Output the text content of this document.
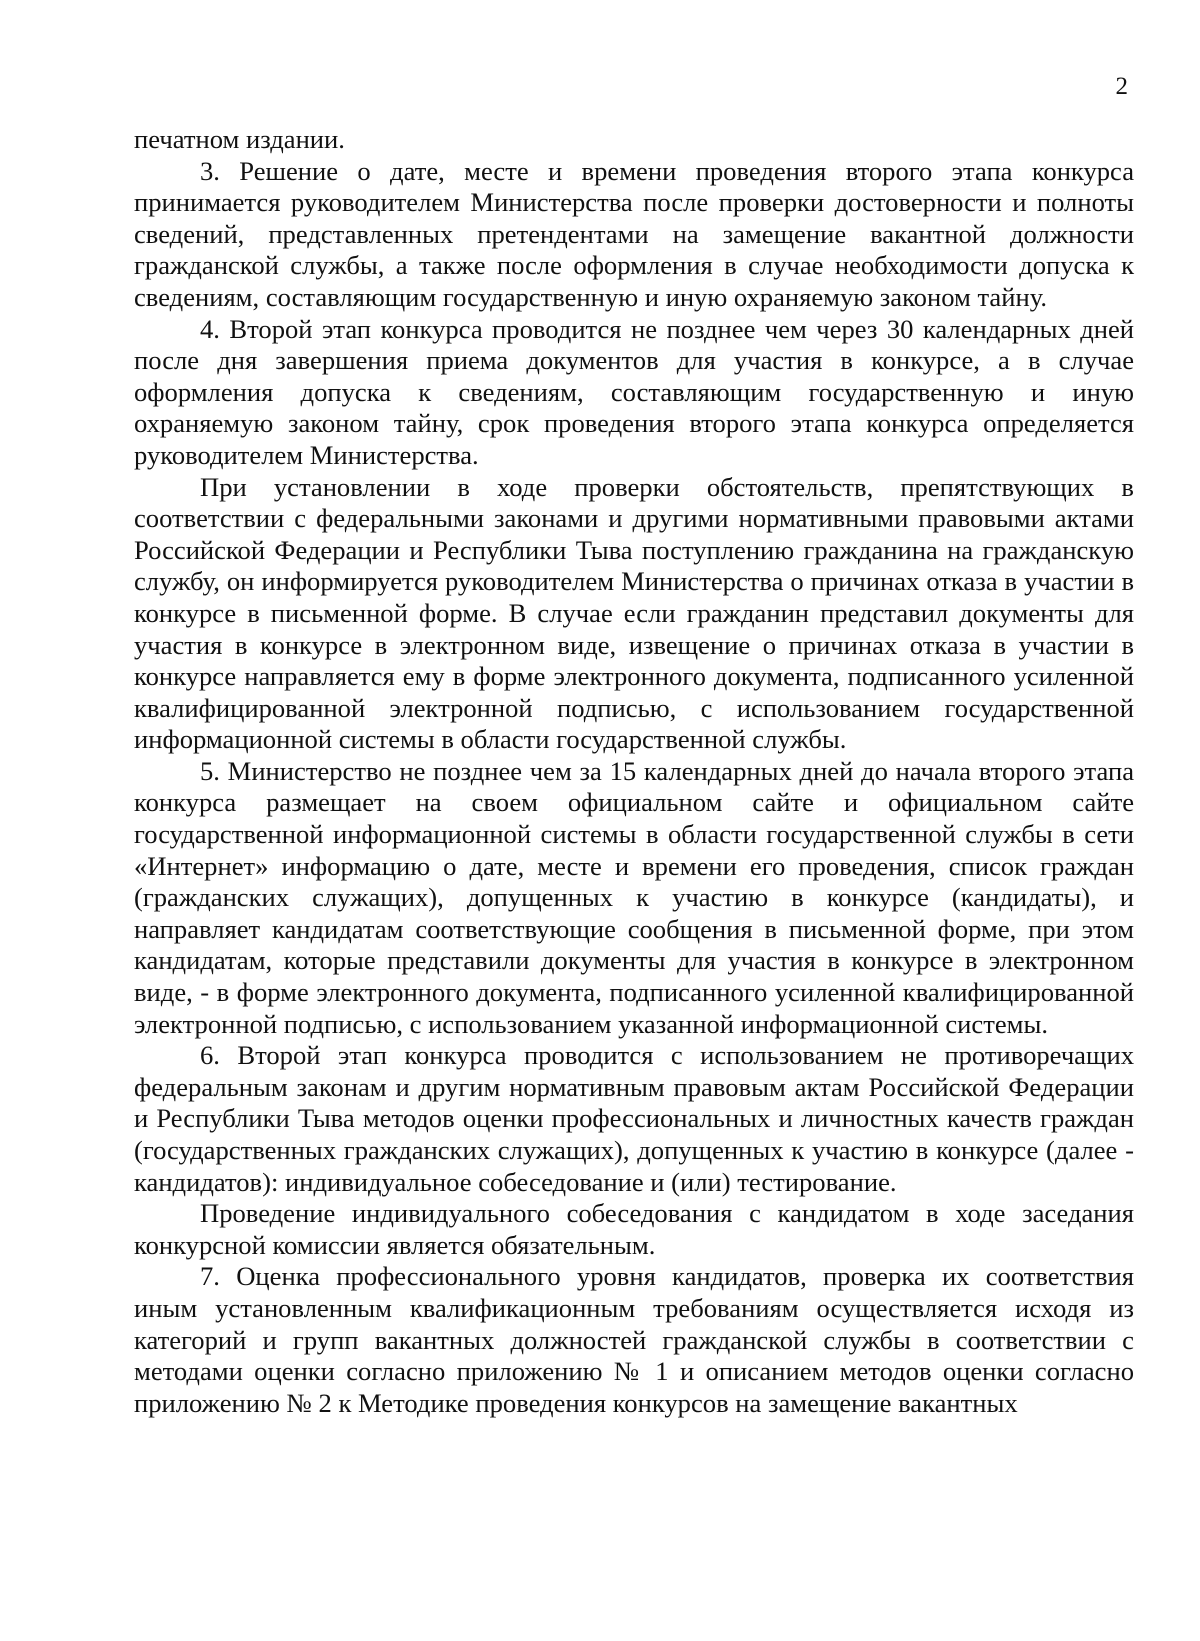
2

печатном издании.

3. Решение о дате, месте и времени проведения второго этапа конкурса принимается руководителем Министерства после проверки достоверности и полноты сведений, представленных претендентами на замещение вакантной должности гражданской службы, а также после оформления в случае необходимости допуска к сведениям, составляющим государственную и иную охраняемую законом тайну.

4. Второй этап конкурса проводится не позднее чем через 30 календарных дней после дня завершения приема документов для участия в конкурсе, а в случае оформления допуска к сведениям, составляющим государственную и иную охраняемую законом тайну, срок проведения второго этапа конкурса определяется руководителем Министерства.

При установлении в ходе проверки обстоятельств, препятствующих в соответствии с федеральными законами и другими нормативными правовыми актами Российской Федерации и Республики Тыва поступлению гражданина на гражданскую службу, он информируется руководителем Министерства о причинах отказа в участии в конкурсе в письменной форме. В случае если гражданин представил документы для участия в конкурсе в электронном виде, извещение о причинах отказа в участии в конкурсе направляется ему в форме электронного документа, подписанного усиленной квалифицированной электронной подписью, с использованием государственной информационной системы в области государственной службы.

5. Министерство не позднее чем за 15 календарных дней до начала второго этапа конкурса размещает на своем официальном сайте и официальном сайте государственной информационной системы в области государственной службы в сети «Интернет» информацию о дате, месте и времени его проведения, список граждан (гражданских служащих), допущенных к участию в конкурсе (кандидаты), и направляет кандидатам соответствующие сообщения в письменной форме, при этом кандидатам, которые представили документы для участия в конкурсе в электронном виде, - в форме электронного документа, подписанного усиленной квалифицированной электронной подписью, с использованием указанной информационной системы.

6. Второй этап конкурса проводится с использованием не противоречащих федеральным законам и другим нормативным правовым актам Российской Федерации и Республики Тыва методов оценки профессиональных и личностных качеств граждан (государственных гражданских служащих), допущенных к участию в конкурсе (далее - кандидатов): индивидуальное собеседование и (или) тестирование.

Проведение индивидуального собеседования с кандидатом в ходе заседания конкурсной комиссии является обязательным.

7. Оценка профессионального уровня кандидатов, проверка их соответствия иным установленным квалификационным требованиям осуществляется исходя из категорий и групп вакантных должностей гражданской службы в соответствии с методами оценки согласно приложению № 1 и описанием методов оценки согласно приложению № 2 к Методике проведения конкурсов на замещение вакантных
